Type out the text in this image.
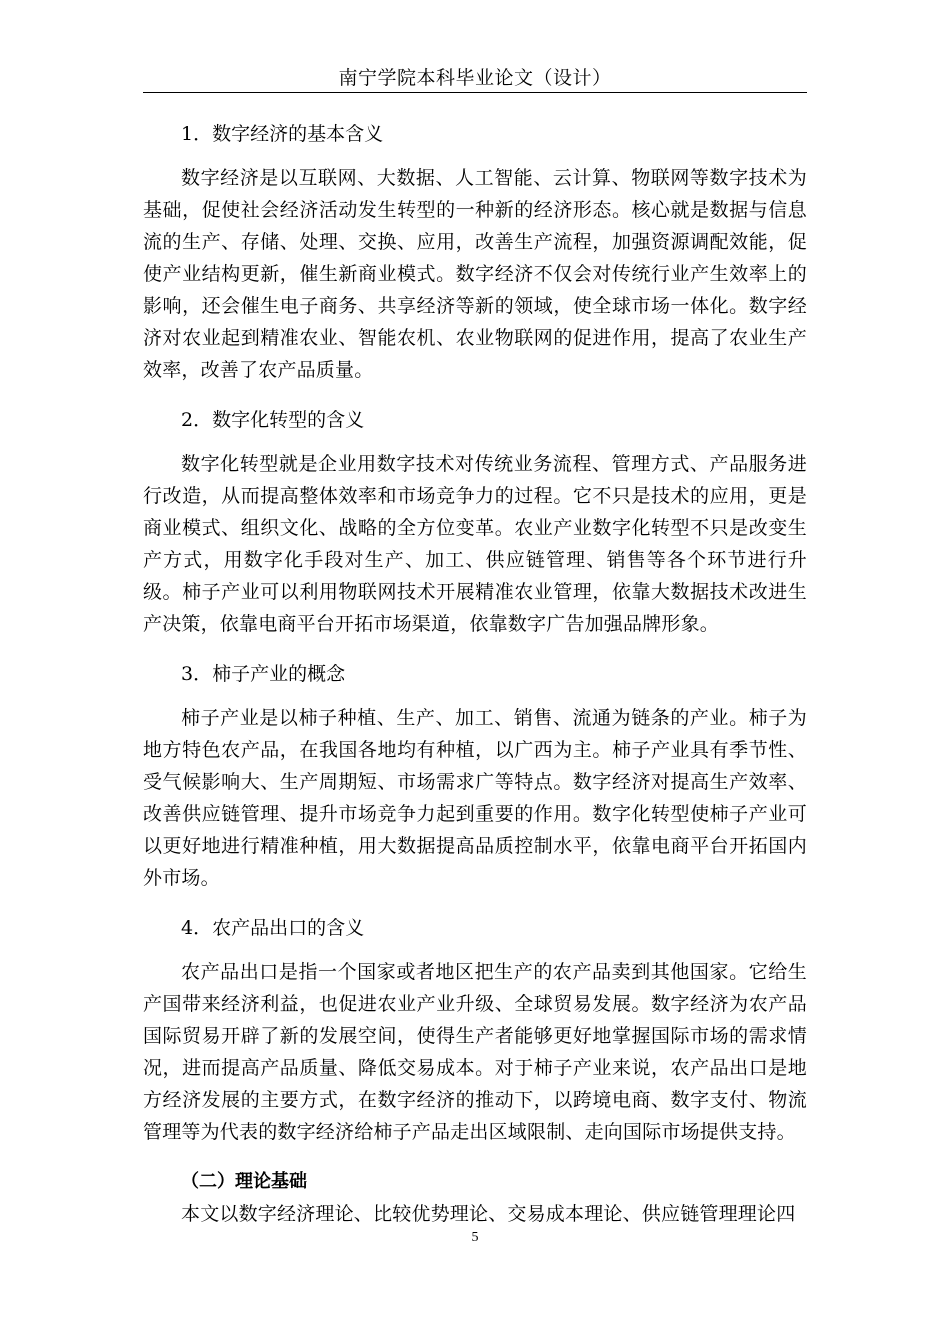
南宁学院本科毕业论文（设计）

1．数字经济的基本含义

数字经济是以互联网、大数据、人工智能、云计算、物联网等数字技术为基础，促使社会经济活动发生转型的一种新的经济形态。核心就是数据与信息流的生产、存储、处理、交换、应用，改善生产流程，加强资源调配效能，促使产业结构更新，催生新商业模式。数字经济不仅会对传统行业产生效率上的影响，还会催生电子商务、共享经济等新的领域，使全球市场一体化。数字经济对农业起到精准农业、智能农机、农业物联网的促进作用，提高了农业生产效率，改善了农产品质量。

2．数字化转型的含义

数字化转型就是企业用数字技术对传统业务流程、管理方式、产品服务进行改造，从而提高整体效率和市场竞争力的过程。它不只是技术的应用，更是商业模式、组织文化、战略的全方位变革。农业产业数字化转型不只是改变生产方式，用数字化手段对生产、加工、供应链管理、销售等各个环节进行升级。柿子产业可以利用物联网技术开展精准农业管理，依靠大数据技术改进生产决策，依靠电商平台开拓市场渠道，依靠数字广告加强品牌形象。

3．柿子产业的概念

柿子产业是以柿子种植、生产、加工、销售、流通为链条的产业。柿子为地方特色农产品，在我国各地均有种植，以广西为主。柿子产业具有季节性、受气候影响大、生产周期短、市场需求广等特点。数字经济对提高生产效率、改善供应链管理、提升市场竞争力起到重要的作用。数字化转型使柿子产业可以更好地进行精准种植，用大数据提高品质控制水平，依靠电商平台开拓国内外市场。

4．农产品出口的含义

农产品出口是指一个国家或者地区把生产的农产品卖到其他国家。它给生产国带来经济利益，也促进农业产业升级、全球贸易发展。数字经济为农产品国际贸易开辟了新的发展空间，使得生产者能够更好地掌握国际市场的需求情况，进而提高产品质量、降低交易成本。对于柿子产业来说，农产品出口是地方经济发展的主要方式，在数字经济的推动下，以跨境电商、数字支付、物流管理等为代表的数字经济给柿子产品走出区域限制、走向国际市场提供支持。

（二）理论基础

本文以数字经济理论、比较优势理论、交易成本理论、供应链管理理论四

5
